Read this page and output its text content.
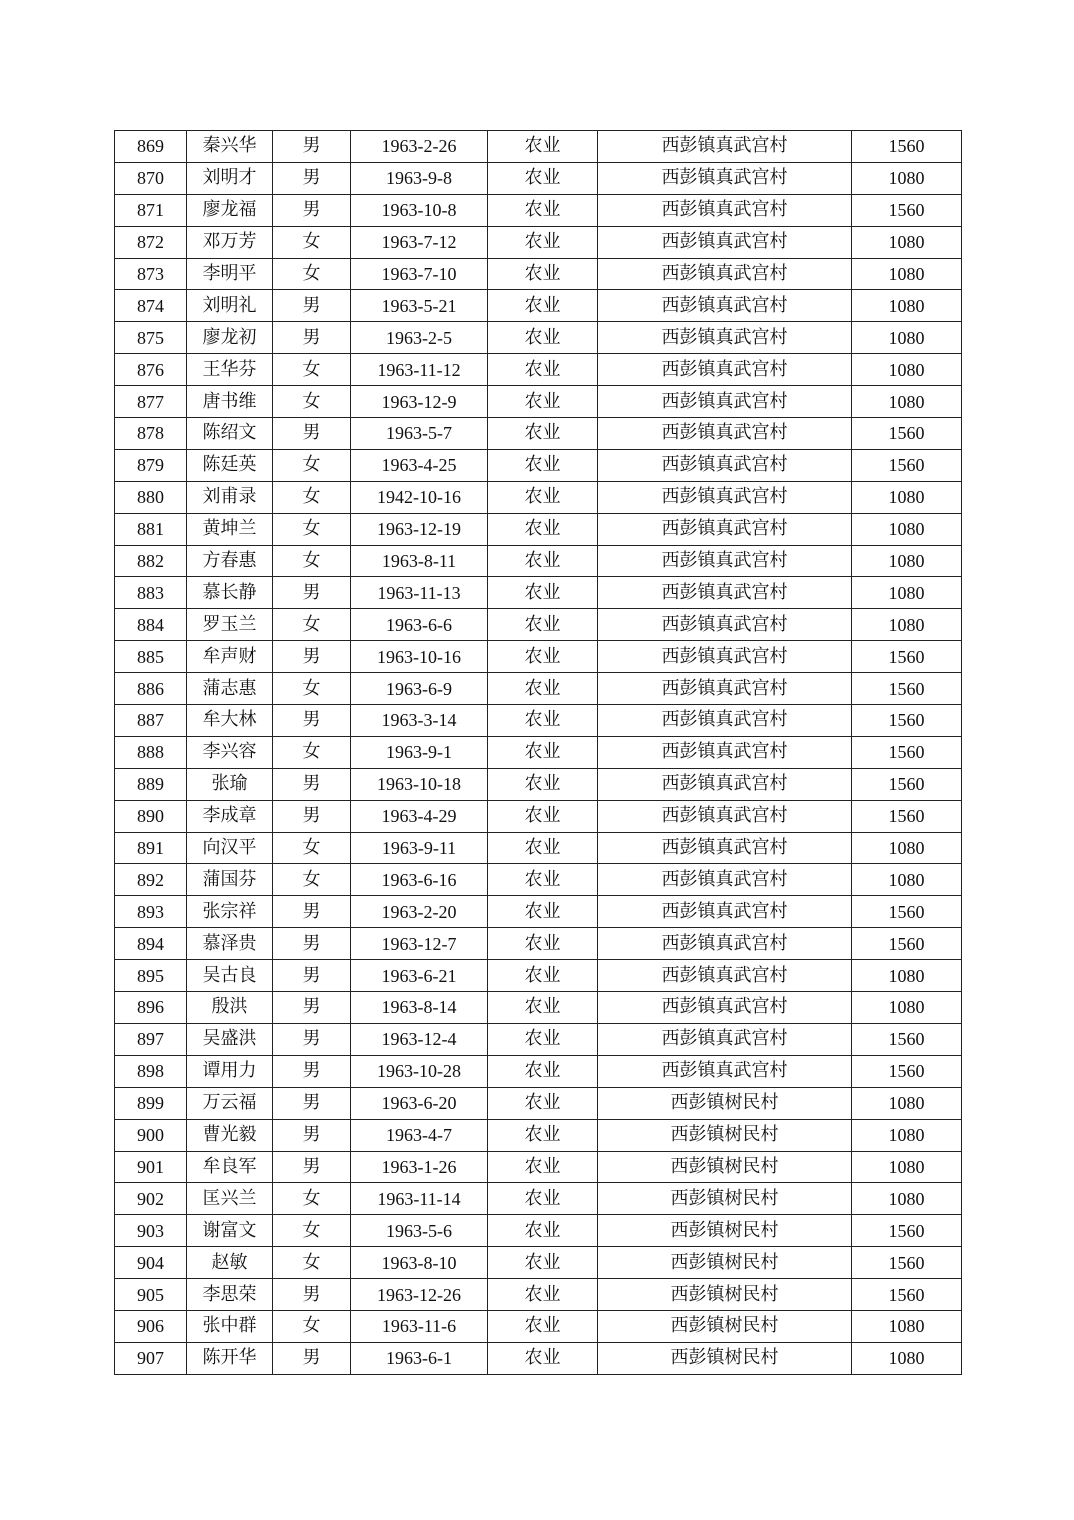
869	秦兴华	男	1963-2-26	农业	西彭镇真武宫村	1560
870	刘明才	男	1963-9-8	农业	西彭镇真武宫村	1080
871	廖龙福	男	1963-10-8	农业	西彭镇真武宫村	1560
872	邓万芳	女	1963-7-12	农业	西彭镇真武宫村	1080
873	李明平	女	1963-7-10	农业	西彭镇真武宫村	1080
874	刘明礼	男	1963-5-21	农业	西彭镇真武宫村	1080
875	廖龙初	男	1963-2-5	农业	西彭镇真武宫村	1080
876	王华芬	女	1963-11-12	农业	西彭镇真武宫村	1080
877	唐书维	女	1963-12-9	农业	西彭镇真武宫村	1080
878	陈绍文	男	1963-5-7	农业	西彭镇真武宫村	1560
879	陈廷英	女	1963-4-25	农业	西彭镇真武宫村	1560
880	刘甫录	女	1942-10-16	农业	西彭镇真武宫村	1080
881	黄坤兰	女	1963-12-19	农业	西彭镇真武宫村	1080
882	方春惠	女	1963-8-11	农业	西彭镇真武宫村	1080
883	慕长静	男	1963-11-13	农业	西彭镇真武宫村	1080
884	罗玉兰	女	1963-6-6	农业	西彭镇真武宫村	1080
885	牟声财	男	1963-10-16	农业	西彭镇真武宫村	1560
886	蒲志惠	女	1963-6-9	农业	西彭镇真武宫村	1560
887	牟大林	男	1963-3-14	农业	西彭镇真武宫村	1560
888	李兴容	女	1963-9-1	农业	西彭镇真武宫村	1560
889	张瑜	男	1963-10-18	农业	西彭镇真武宫村	1560
890	李成章	男	1963-4-29	农业	西彭镇真武宫村	1560
891	向汉平	女	1963-9-11	农业	西彭镇真武宫村	1080
892	蒲国芬	女	1963-6-16	农业	西彭镇真武宫村	1080
893	张宗祥	男	1963-2-20	农业	西彭镇真武宫村	1560
894	慕泽贵	男	1963-12-7	农业	西彭镇真武宫村	1560
895	吴古良	男	1963-6-21	农业	西彭镇真武宫村	1080
896	殷洪	男	1963-8-14	农业	西彭镇真武宫村	1080
897	吴盛洪	男	1963-12-4	农业	西彭镇真武宫村	1560
898	谭用力	男	1963-10-28	农业	西彭镇真武宫村	1560
899	万云福	男	1963-6-20	农业	西彭镇树民村	1080
900	曹光毅	男	1963-4-7	农业	西彭镇树民村	1080
901	牟良军	男	1963-1-26	农业	西彭镇树民村	1080
902	匡兴兰	女	1963-11-14	农业	西彭镇树民村	1080
903	谢富文	女	1963-5-6	农业	西彭镇树民村	1560
904	赵敏	女	1963-8-10	农业	西彭镇树民村	1560
905	李思荣	男	1963-12-26	农业	西彭镇树民村	1560
906	张中群	女	1963-11-6	农业	西彭镇树民村	1080
907	陈开华	男	1963-6-1	农业	西彭镇树民村	1080
